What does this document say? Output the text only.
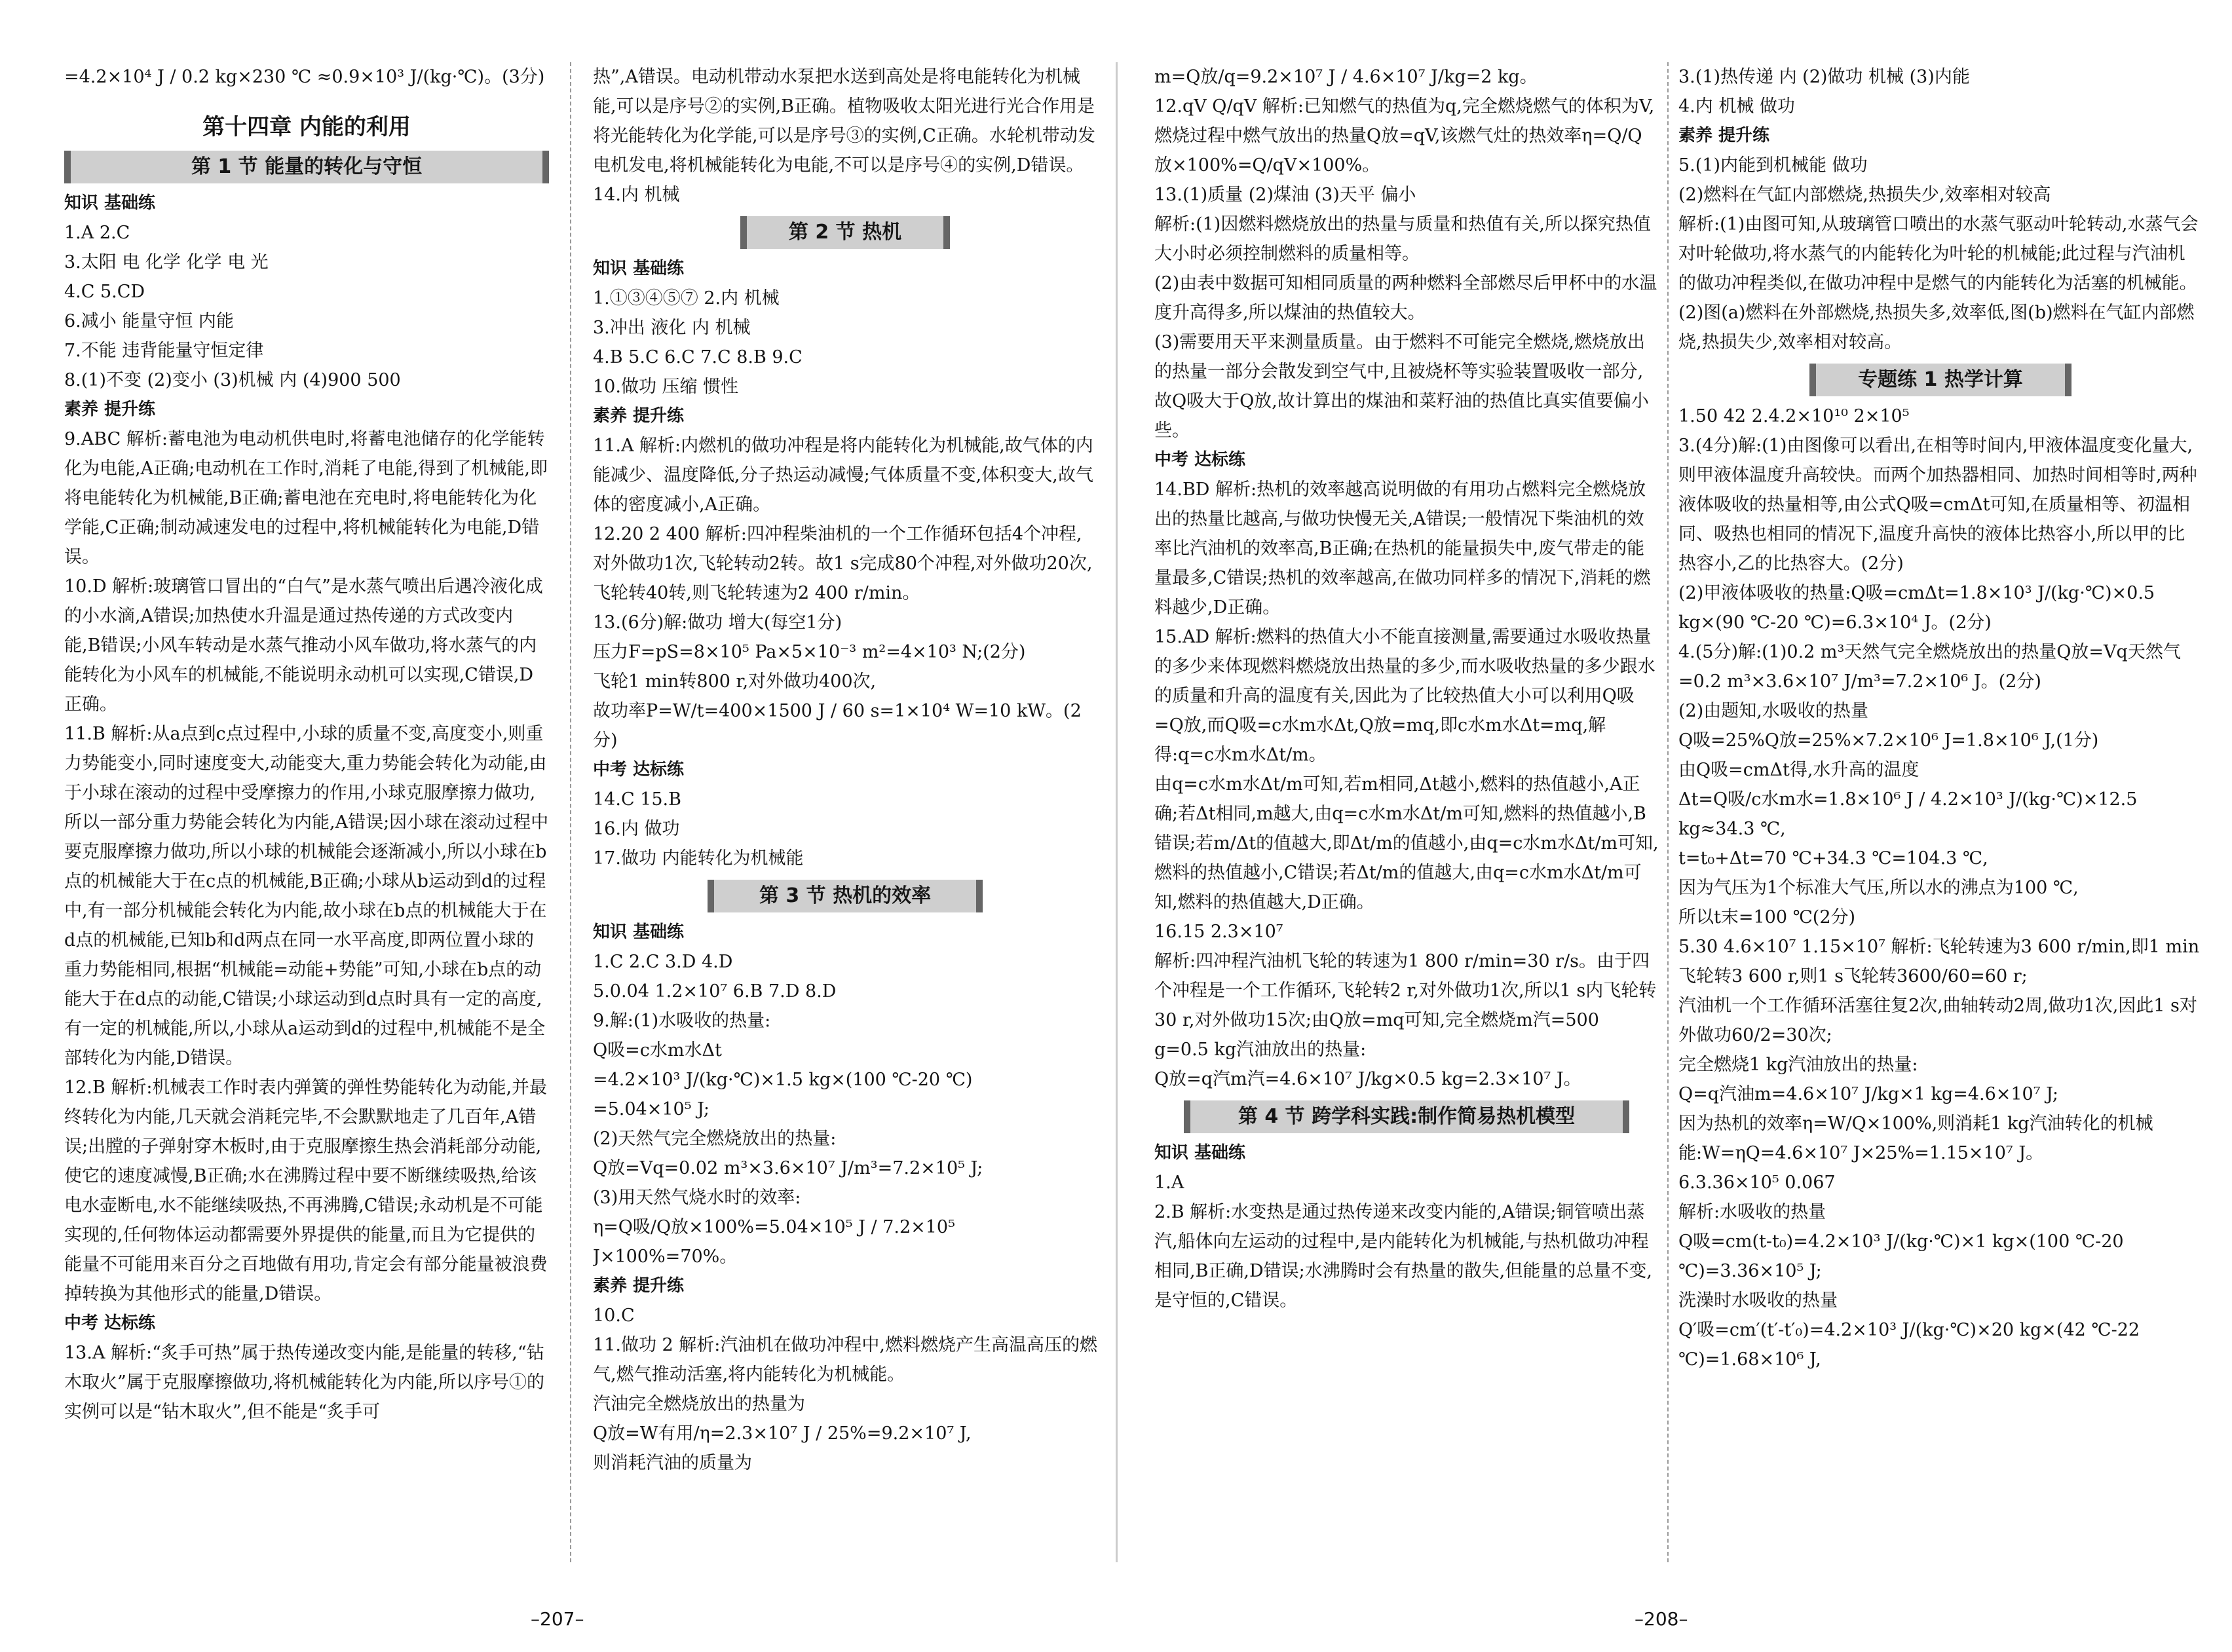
=4.2×10⁴ J / 0.2 kg×230 ℃ ≈0.9×10³ J/(kg·℃)。(3分)

第十四章 内能的利用
第 1 节 能量的转化与守恒

知识 基础练

1.A 2.C

3.太阳 电 化学 化学 电 光

4.C 5.CD

6.减小 能量守恒 内能

7.不能 违背能量守恒定律

8.(1)不变 (2)变小 (3)机械 内 (4)900 500

素养 提升练

9.ABC 解析:蓄电池为电动机供电时,将蓄电池储存的化学能转化为电能,A正确;电动机在工作时,消耗了电能,得到了机械能,即将电能转化为机械能,B正确;蓄电池在充电时,将电能转化为化学能,C正确;制动减速发电的过程中,将机械能转化为电能,D错误。

10.D 解析:玻璃管口冒出的“白气”是水蒸气喷出后遇冷液化成的小水滴,A错误;加热使水升温是通过热传递的方式改变内能,B错误;小风车转动是水蒸气推动小风车做功,将水蒸气的内能转化为小风车的机械能,不能说明永动机可以实现,C错误,D正确。

11.B 解析:从a点到c点过程中,小球的质量不变,高度变小,则重力势能变小,同时速度变大,动能变大,重力势能会转化为动能,由于小球在滚动的过程中受摩擦力的作用,小球克服摩擦力做功,所以一部分重力势能会转化为内能,A错误;因小球在滚动过程中要克服摩擦力做功,所以小球的机械能会逐渐减小,所以小球在b点的机械能大于在c点的机械能,B正确;小球从b运动到d的过程中,有一部分机械能会转化为内能,故小球在b点的机械能大于在d点的机械能,已知b和d两点在同一水平高度,即两位置小球的重力势能相同,根据“机械能=动能+势能”可知,小球在b点的动能大于在d点的动能,C错误;小球运动到d点时具有一定的高度,有一定的机械能,所以,小球从a运动到d的过程中,机械能不是全部转化为内能,D错误。

12.B 解析:机械表工作时表内弹簧的弹性势能转化为动能,并最终转化为内能,几天就会消耗完毕,不会默默地走了几百年,A错误;出膛的子弹射穿木板时,由于克服摩擦生热会消耗部分动能,使它的速度减慢,B正确;水在沸腾过程中要不断继续吸热,给该电水壶断电,水不能继续吸热,不再沸腾,C错误;永动机是不可能实现的,任何物体运动都需要外界提供的能量,而且为它提供的能量不可能用来百分之百地做有用功,肯定会有部分能量被浪费掉转换为其他形式的能量,D错误。

中考 达标练

13.A 解析:“炙手可热”属于热传递改变内能,是能量的转移,“钻木取火”属于克服摩擦做功,将机械能转化为内能,所以序号①的实例可以是“钻木取火”,但不能是“炙手可

热”,A错误。电动机带动水泵把水送到高处是将电能转化为机械能,可以是序号②的实例,B正确。植物吸收太阳光进行光合作用是将光能转化为化学能,可以是序号③的实例,C正确。水轮机带动发电机发电,将机械能转化为电能,不可以是序号④的实例,D错误。

14.内 机械

第 2 节 热机

知识 基础练

1.①③④⑤⑦ 2.内 机械

3.冲出 液化 内 机械

4.B 5.C 6.C 7.C 8.B 9.C

10.做功 压缩 惯性

素养 提升练

11.A 解析:内燃机的做功冲程是将内能转化为机械能,故气体的内能减少、温度降低,分子热运动减慢;气体质量不变,体积变大,故气体的密度减小,A正确。

12.20 2 400 解析:四冲程柴油机的一个工作循环包括4个冲程,对外做功1次,飞轮转动2转。故1 s完成80个冲程,对外做功20次,飞轮转40转,则飞轮转速为2 400 r/min。

13.(6分)解:做功 增大(每空1分)

压力F=pS=8×10⁵ Pa×5×10⁻³ m²=4×10³ N;(2分)

飞轮1 min转800 r,对外做功400次,

故功率P=W/t=400×1500 J / 60 s=1×10⁴ W=10 kW。(2分)

中考 达标练

14.C 15.B

16.内 做功

17.做功 内能转化为机械能

第 3 节 热机的效率

知识 基础练

1.C 2.C 3.D 4.D

5.0.04 1.2×10⁷ 6.B 7.D 8.D

9.解:(1)水吸收的热量:

Q吸=c水m水Δt

=4.2×10³ J/(kg·℃)×1.5 kg×(100 ℃-20 ℃)

=5.04×10⁵ J;

(2)天然气完全燃烧放出的热量:

Q放=Vq=0.02 m³×3.6×10⁷ J/m³=7.2×10⁵ J;

(3)用天然气烧水时的效率:

η=Q吸/Q放×100%=5.04×10⁵ J / 7.2×10⁵ J×100%=70%。

素养 提升练

10.C

11.做功 2 解析:汽油机在做功冲程中,燃料燃烧产生高温高压的燃气,燃气推动活塞,将内能转化为机械能。

汽油完全燃烧放出的热量为

Q放=W有用/η=2.3×10⁷ J / 25%=9.2×10⁷ J,

则消耗汽油的质量为

m=Q放/q=9.2×10⁷ J / 4.6×10⁷ J/kg=2 kg。

12.qV Q/qV 解析:已知燃气的热值为q,完全燃烧燃气的体积为V,燃烧过程中燃气放出的热量Q放=qV,该燃气灶的热效率η=Q/Q放×100%=Q/qV×100%。

13.(1)质量 (2)煤油 (3)天平 偏小

解析:(1)因燃料燃烧放出的热量与质量和热值有关,所以探究热值大小时必须控制燃料的质量相等。

(2)由表中数据可知相同质量的两种燃料全部燃尽后甲杯中的水温度升高得多,所以煤油的热值较大。

(3)需要用天平来测量质量。由于燃料不可能完全燃烧,燃烧放出的热量一部分会散发到空气中,且被烧杯等实验装置吸收一部分,故Q吸大于Q放,故计算出的煤油和菜籽油的热值比真实值要偏小些。

中考 达标练

14.BD 解析:热机的效率越高说明做的有用功占燃料完全燃烧放出的热量比越高,与做功快慢无关,A错误;一般情况下柴油机的效率比汽油机的效率高,B正确;在热机的能量损失中,废气带走的能量最多,C错误;热机的效率越高,在做功同样多的情况下,消耗的燃料越少,D正确。

15.AD 解析:燃料的热值大小不能直接测量,需要通过水吸收热量的多少来体现燃料燃烧放出热量的多少,而水吸收热量的多少跟水的质量和升高的温度有关,因此为了比较热值大小可以利用Q吸=Q放,而Q吸=c水m水Δt,Q放=mq,即c水m水Δt=mq,解得:q=c水m水Δt/m。

由q=c水m水Δt/m可知,若m相同,Δt越小,燃料的热值越小,A正确;若Δt相同,m越大,由q=c水m水Δt/m可知,燃料的热值越小,B错误;若m/Δt的值越大,即Δt/m的值越小,由q=c水m水Δt/m可知,燃料的热值越小,C错误;若Δt/m的值越大,由q=c水m水Δt/m可知,燃料的热值越大,D正确。

16.15 2.3×10⁷

解析:四冲程汽油机飞轮的转速为1 800 r/min=30 r/s。由于四个冲程是一个工作循环,飞轮转2 r,对外做功1次,所以1 s内飞轮转30 r,对外做功15次;由Q放=mq可知,完全燃烧m汽=500 g=0.5 kg汽油放出的热量:

Q放=q汽m汽=4.6×10⁷ J/kg×0.5 kg=2.3×10⁷ J。

第 4 节 跨学科实践:制作简易热机模型

知识 基础练

1.A

2.B 解析:水变热是通过热传递来改变内能的,A错误;铜管喷出蒸汽,船体向左运动的过程中,是内能转化为机械能,与热机做功冲程相同,B正确,D错误;水沸腾时会有热量的散失,但能量的总量不变,是守恒的,C错误。

3.(1)热传递 内 (2)做功 机械 (3)内能

4.内 机械 做功

素养 提升练

5.(1)内能到机械能 做功

(2)燃料在气缸内部燃烧,热损失少,效率相对较高

解析:(1)由图可知,从玻璃管口喷出的水蒸气驱动叶轮转动,水蒸气会对叶轮做功,将水蒸气的内能转化为叶轮的机械能;此过程与汽油机的做功冲程类似,在做功冲程中是燃气的内能转化为活塞的机械能。(2)图(a)燃料在外部燃烧,热损失多,效率低,图(b)燃料在气缸内部燃烧,热损失少,效率相对较高。

专题练 1 热学计算

1.50 42 2.4.2×10¹⁰ 2×10⁵

3.(4分)解:(1)由图像可以看出,在相等时间内,甲液体温度变化量大,则甲液体温度升高较快。而两个加热器相同、加热时间相等时,两种液体吸收的热量相等,由公式Q吸=cmΔt可知,在质量相等、初温相同、吸热也相同的情况下,温度升高快的液体比热容小,所以甲的比热容小,乙的比热容大。(2分)

(2)甲液体吸收的热量:Q吸=cmΔt=1.8×10³ J/(kg·℃)×0.5 kg×(90 ℃-20 ℃)=6.3×10⁴ J。(2分)

4.(5分)解:(1)0.2 m³天然气完全燃烧放出的热量Q放=Vq天然气=0.2 m³×3.6×10⁷ J/m³=7.2×10⁶ J。(2分)

(2)由题知,水吸收的热量

Q吸=25%Q放=25%×7.2×10⁶ J=1.8×10⁶ J,(1分)

由Q吸=cmΔt得,水升高的温度

Δt=Q吸/c水m水=1.8×10⁶ J / 4.2×10³ J/(kg·℃)×12.5 kg≈34.3 ℃,

t=t₀+Δt=70 ℃+34.3 ℃=104.3 ℃,

因为气压为1个标准大气压,所以水的沸点为100 ℃,

所以t末=100 ℃(2分)

5.30 4.6×10⁷ 1.15×10⁷ 解析:飞轮转速为3 600 r/min,即1 min飞轮转3 600 r,则1 s飞轮转3600/60=60 r;

汽油机一个工作循环活塞往复2次,曲轴转动2周,做功1次,因此1 s对外做功60/2=30次;

完全燃烧1 kg汽油放出的热量:

Q=q汽油m=4.6×10⁷ J/kg×1 kg=4.6×10⁷ J;

因为热机的效率η=W/Q×100%,则消耗1 kg汽油转化的机械能:W=ηQ=4.6×10⁷ J×25%=1.15×10⁷ J。

6.3.36×10⁵ 0.067

解析:水吸收的热量

Q吸=cm(t-t₀)=4.2×10³ J/(kg·℃)×1 kg×(100 ℃-20 ℃)=3.36×10⁵ J;

洗澡时水吸收的热量

Q′吸=cm′(t′-t′₀)=4.2×10³ J/(kg·℃)×20 kg×(42 ℃-22 ℃)=1.68×10⁶ J,

–207–	–208–
